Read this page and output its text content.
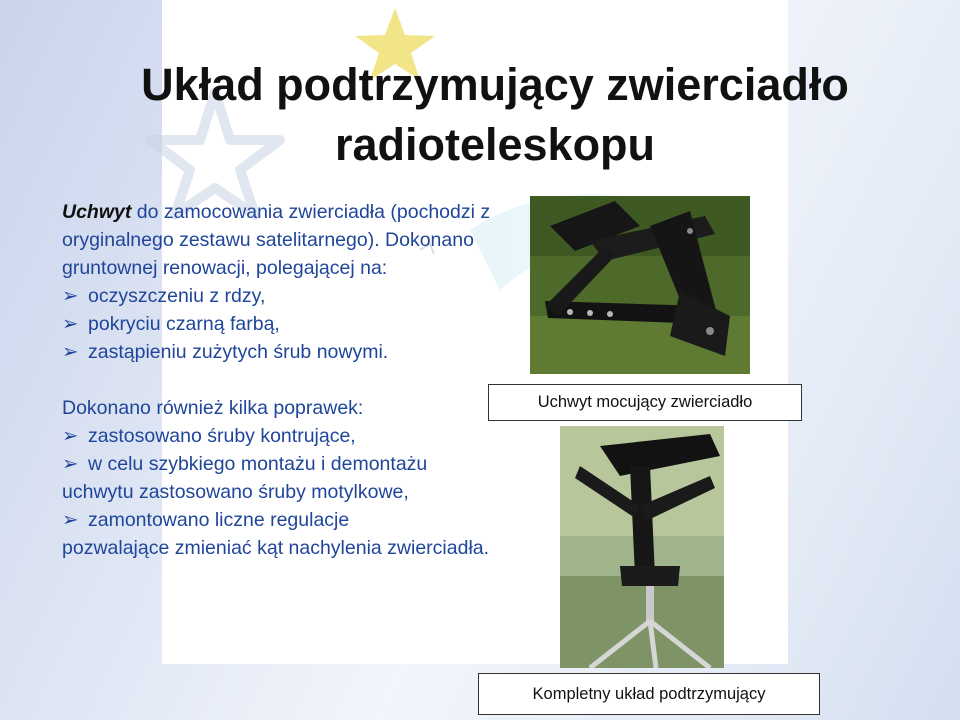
Układ podtrzymujący zwierciadło radioteleskopu

Uchwyt do zamocowania zwierciadła (pochodzi z oryginalnego zestawu satelitarnego). Dokonano gruntownej renowacji, polegającej na:

➢ oczyszczeniu z rdzy,
➢ pokryciu czarną farbą,
➢ zastąpieniu zużytych śrub nowymi.

Dokonano również kilka poprawek:

➢ zastosowano śruby kontrujące,
➢ w celu szybkiego montażu i demontażu

uchwytu zastosowano śruby motylkowe,

➢ zamontowano liczne regulacje

pozwalające zmieniać kąt nachylenia zwierciadła.

Uchwyt mocujący zwierciadło
Kompletny układ podtrzymujący
